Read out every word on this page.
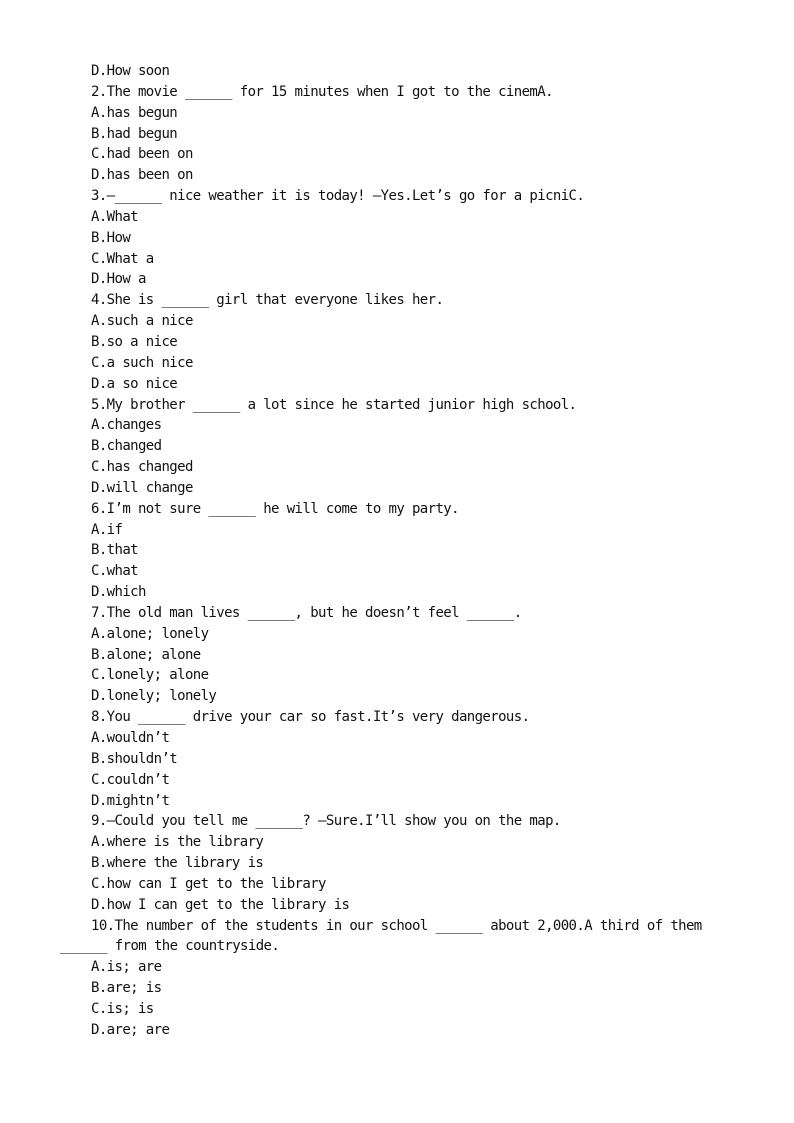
D.How soon
2.The movie ______ for 15 minutes when I got to the cinemA.
A.has begun
B.had begun
C.had been on
D.has been on
3.—______ nice weather it is today! —Yes.Let’s go for a picniC.
A.What
B.How
C.What a
D.How a
4.She is ______ girl that everyone likes her.
A.such a nice
B.so a nice
C.a such nice
D.a so nice
5.My brother ______ a lot since he started junior high school.
A.changes
B.changed
C.has changed
D.will change
6.I’m not sure ______ he will come to my party.
A.if
B.that
C.what
D.which
7.The old man lives ______, but he doesn’t feel ______.
A.alone; lonely
B.alone; alone
C.lonely; alone
D.lonely; lonely
8.You ______ drive your car so fast.It’s very dangerous.
A.wouldn’t
B.shouldn’t
C.couldn’t
D.mightn’t
9.—Could you tell me ______? —Sure.I’ll show you on the map.
A.where is the library
B.where the library is
C.how can I get to the library
D.how I can get to the library is
10.The number of the students in our school ______ about 2,000.A third of them ______ from the countryside.
A.is; are
B.are; is
C.is; is
D.are; are
